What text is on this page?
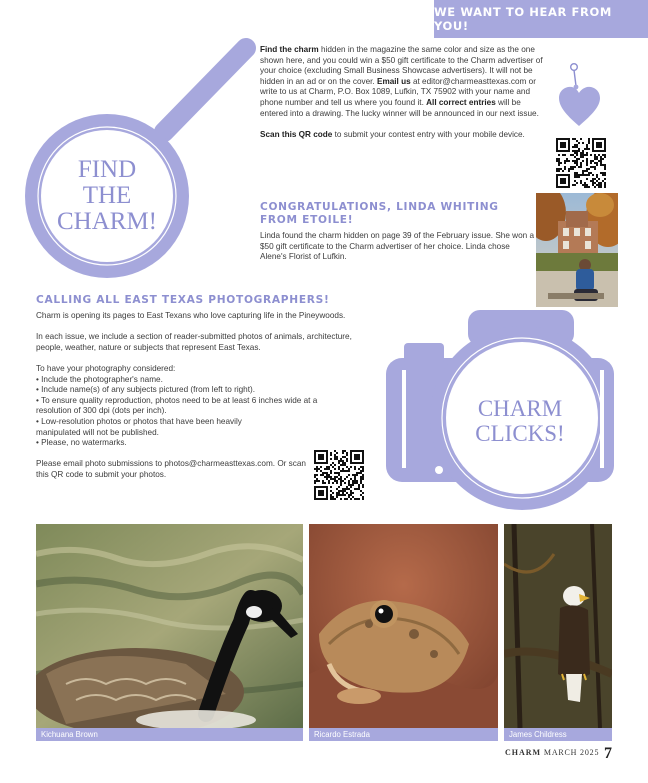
WE WANT TO HEAR FROM YOU!
FIND
THE
CHARM!

Find the charm hidden in the magazine the same color and size as the one shown here, and you could win a $50 gift certificate to the Charm advertiser of your choice (excluding Small Business Showcase advertisers). It will not be hidden in an ad or on the cover. Email us at editor@charmeasttexas.com or write to us at Charm, P.O. Box 1089, Lufkin, TX 75902 with your name and phone number and tell us where you found it. All correct entries will be entered into a drawing. The lucky winner will be announced in our next issue.

Scan this QR code to submit your contest entry with your mobile device.

CONGRATULATIONS, LINDA WHITING
FROM ETOILE!
Linda found the charm hidden on page 39 of the February issue. She won a $50 gift certificate to the Charm advertiser of her choice. Linda chose Alene's Florist of Lufkin.
CALLING ALL EAST TEXAS PHOTOGRAPHERS!

Charm is opening its pages to East Texans who love capturing life in the Pineywoods.

In each issue, we include a section of reader-submitted photos of animals, architecture, people, weather, nature or subjects that represent East Texas.

To have your photography considered:

• Include the photographer's name.

• Include name(s) of any subjects pictured (from left to right).

• To ensure quality reproduction, photos need to be at least 6 inches wide at a resolution of 300 dpi (dots per inch).

• Low-resolution photos or photos that have been heavily manipulated will not be published.

• Please, no watermarks.

Please email photo submissions to photos@charmeasttexas.com. Or scan this QR code to submit your photos.

CHARM
CLICKS!
Kichuana Brown	Ricardo Estrada	James Childress
CHARM MARCH 2025 7
